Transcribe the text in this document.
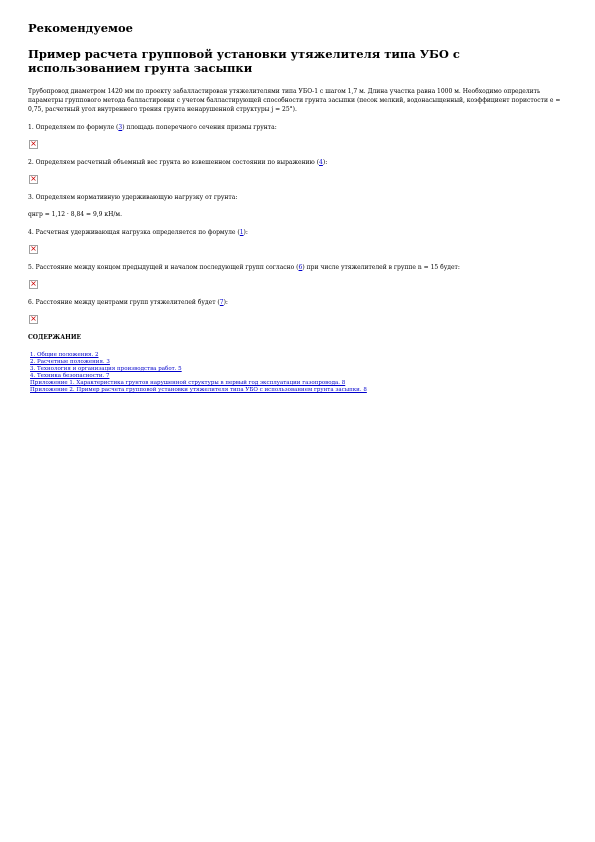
Рекомендуемое
Пример расчета групповой установки утяжелителя типа УБО с использованием грунта засыпки

Трубопровод диаметром 1420 мм по проекту забалластирован утяжелителями типа УБО-1 с шагом 1,7 м. Длина участка равна 1000 м. Необходимо определить параметры группового метода балластировки с учетом балластирующей способности грунта засыпки (песок мелкий, водонасыщенный, коэффициент пористости e = 0,75, расчетный угол внутреннего трения грунта ненарушенной структуры j = 25°).

1. Определяем по формуле (3) площадь поперечного сечения призмы грунта:

×

2. Определяем расчетный объемный вес грунта во взвешенном состоянии по выражению (4):

×

3. Определяем нормативную удерживающую нагрузку от грунта:

qнгр = 1,12 · 8,84 = 9,9 кН/м.

4. Расчетная удерживающая нагрузка определяется по формуле (1):

×

5. Расстояние между концом предыдущей и началом последующей групп согласно (6) при числе утяжелителей в группе n = 15 будет:

×

6. Расстояние между центрами групп утяжелителей будет (7):

×
СОДЕРЖАНИЕ
1. Общие положения. 2
2. Расчетные положения. 3
3. Технология и организация производства работ. 5
4. Техника безопасности. 7
Приложение 1. Характеристика грунтов нарушенной структуры в первый год эксплуатации газопровода. 8
Приложение 2. Пример расчета групповой установки утяжелителя типа УБО с использованием грунта засыпки. 8
